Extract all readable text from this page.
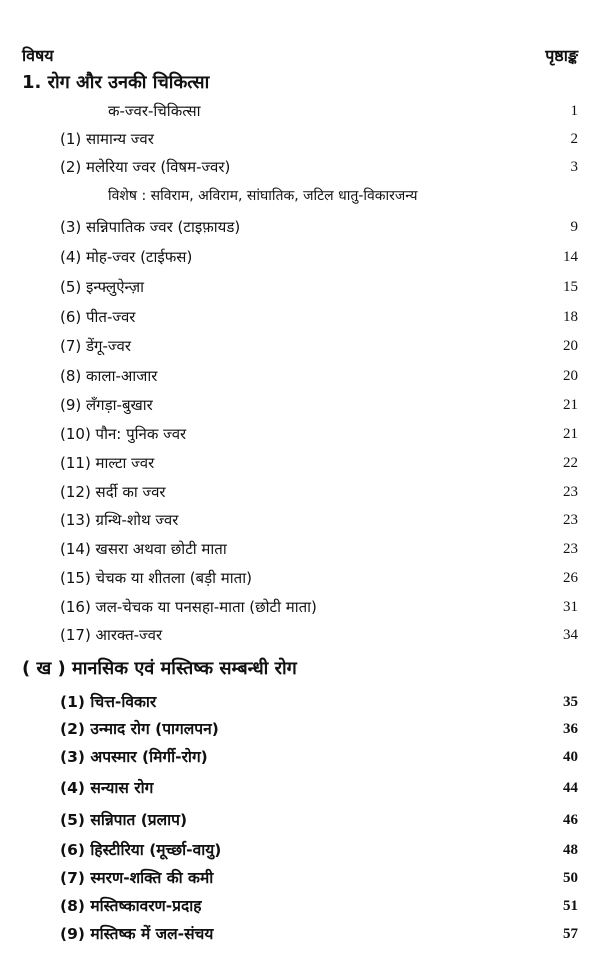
विषय	पृष्ठाङ्क
1. रोग और उनकी चिकित्सा
क-ज्वर-चिकित्सा	1
(1) सामान्य ज्वर	2
(2) मलेरिया ज्वर (विषम-ज्वर)	3
विशेष : सविराम, अविराम, सांघातिक, जटिल धातु-विकारजन्य
(3) सन्निपातिक ज्वर (टाइफ़ायड)	9
(4) मोह-ज्वर (टाईफस)	14
(5) इन्फ्लुऐन्ज़ा	15
(6) पीत-ज्वर	18
(7) डेंगू-ज्वर	20
(8) काला-आजार	20
(9) लँगड़ा-बुखार	21
(10) पौन: पुनिक ज्वर	21
(11) माल्टा ज्वर	22
(12) सर्दी का ज्वर	23
(13) ग्रन्थि-शोथ ज्वर	23
(14) खसरा अथवा छोटी माता	23
(15) चेचक या शीतला (बड़ी माता)	26
(16) जल-चेचक या पनसहा-माता (छोटी माता)	31
(17) आरक्त-ज्वर	34
( ख ) मानसिक एवं मस्तिष्क सम्बन्धी रोग
(1) चित्त-विकार	35
(2) उन्माद रोग (पागलपन)	36
(3) अपस्मार (मिर्गी-रोग)	40
(4) सन्यास रोग	44
(5) सन्निपात (प्रलाप)	46
(6) हिस्टीरिया (मूर्च्छा-वायु)	48
(7) स्मरण-शक्ति की कमी	50
(8) मस्तिष्कावरण-प्रदाह	51
(9) मस्तिष्क में जल-संचय	57
